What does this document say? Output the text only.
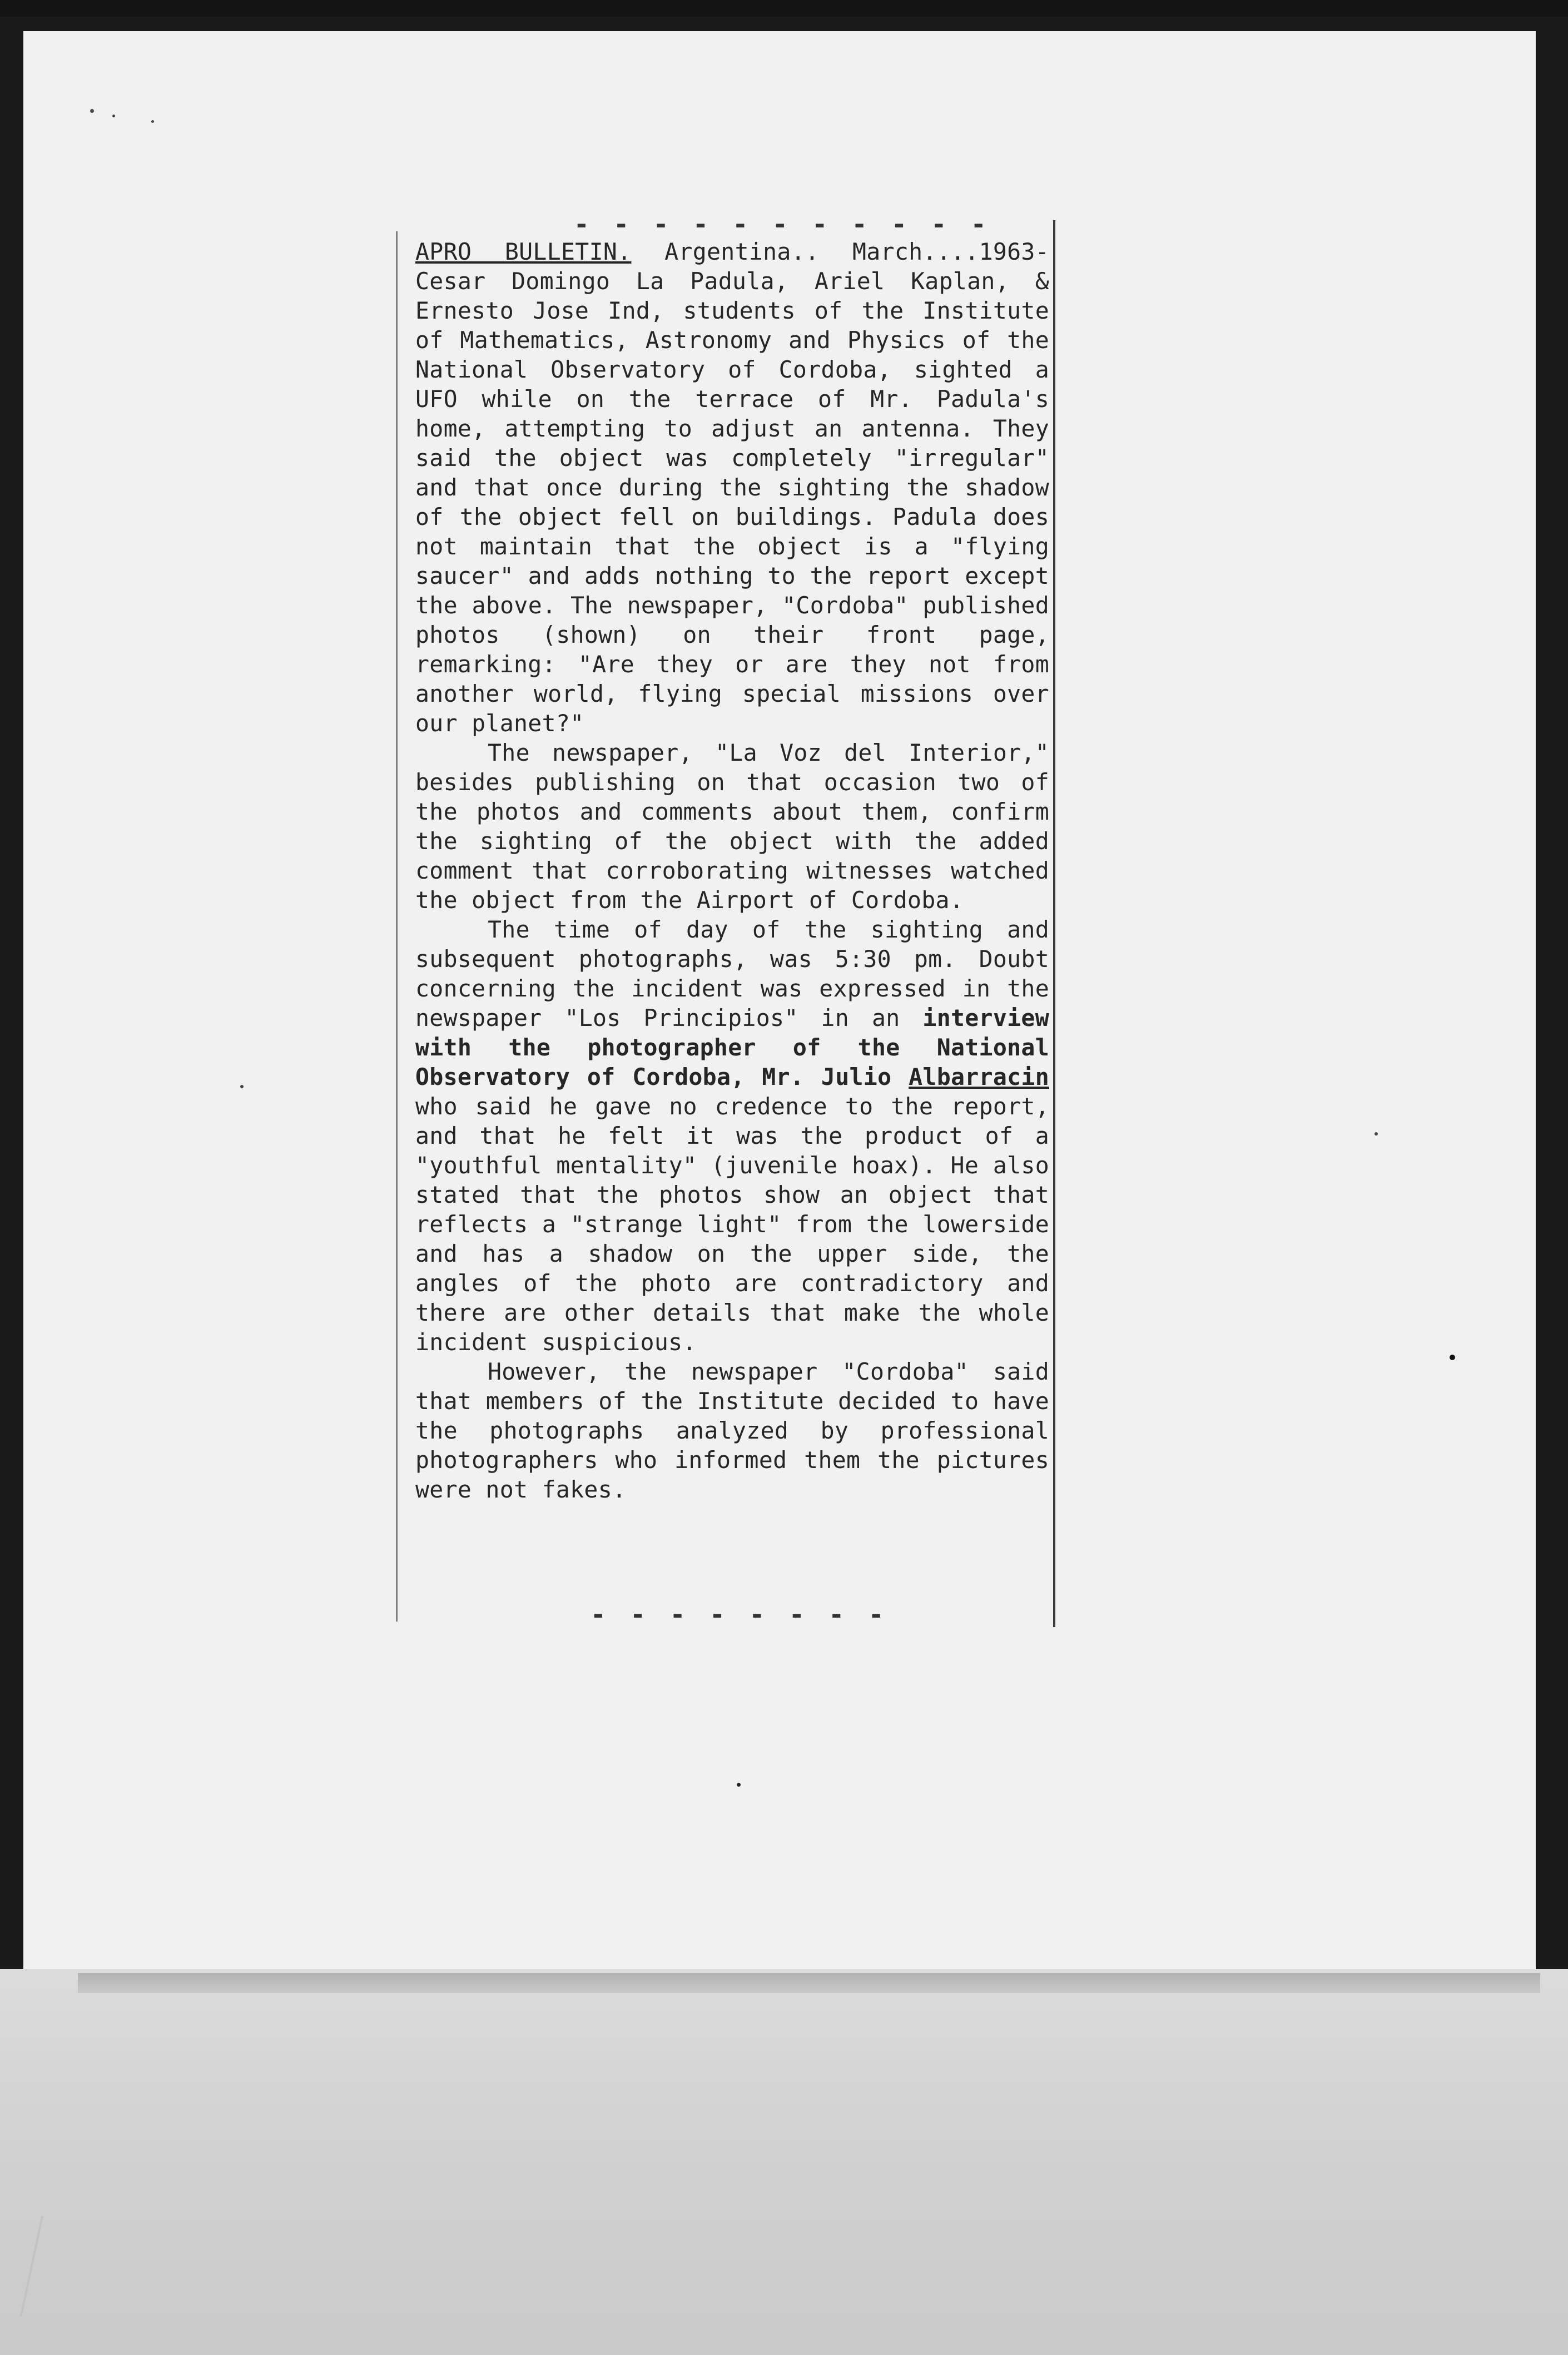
- - - - - - - - - - -

APRO BULLETIN. Argentina.. March....1963- Cesar Domingo La Padula, Ariel Kaplan, & Ernesto Jose Ind, students of the Institute of Mathematics, Astronomy and Physics of the National Observatory of Cordoba, sighted a UFO while on the terrace of Mr. Padula's home, attempting to adjust an antenna. They said the object was completely "irregular" and that once during the sighting the shadow of the object fell on buildings. Padula does not maintain that the object is a "flying saucer" and adds nothing to the report except the above. The newspaper, "Cordoba" published photos (shown) on their front page, remarking: "Are they or are they not from another world, flying special missions over our planet?"

The newspaper, "La Voz del Interior," besides publishing on that occasion two of the photos and comments about them, confirm the sighting of the object with the added comment that corroborating witnesses watched the object from the Airport of Cordoba.

The time of day of the sighting and subsequent photographs, was 5:30 pm. Doubt concerning the incident was expressed in the newspaper "Los Principios" in an interview with the photographer of the National Observatory of Cordoba, Mr. Julio Albarracin who said he gave no credence to the report, and that he felt it was the product of a "youthful mentality" (juvenile hoax). He also stated that the photos show an object that reflects a "strange light" from the lowerside and has a shadow on the upper side, the angles of the photo are contradictory and there are other details that make the whole incident suspicious.

However, the newspaper "Cordoba" said that members of the Institute decided to have the photographs analyzed by professional photographers who informed them the pictures were not fakes.

- - - - - - - -
